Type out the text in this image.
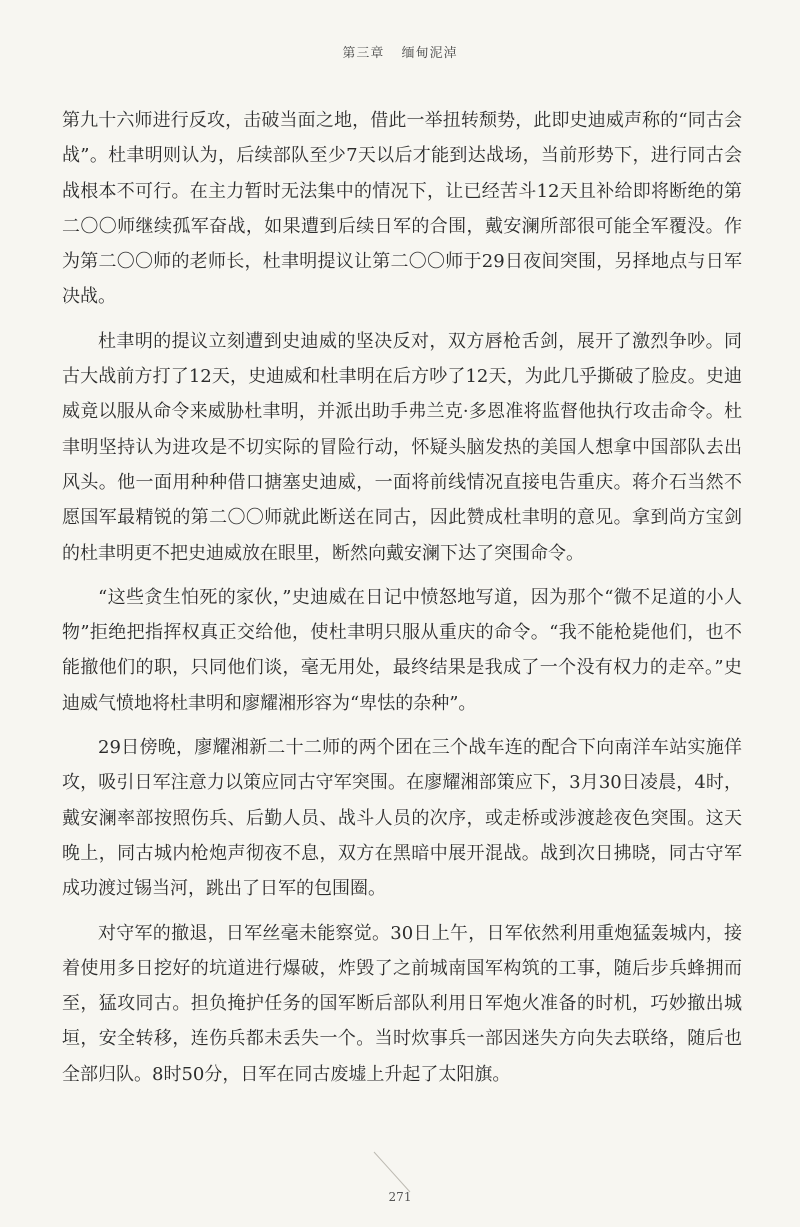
第三章 缅甸泥淖

第九十六师进行反攻，击破当面之地，借此一举扭转颓势，此即史迪威声称的“同古会战”。杜聿明则认为，后续部队至少7天以后才能到达战场，当前形势下，进行同古会战根本不可行。在主力暂时无法集中的情况下，让已经苦斗12天且补给即将断绝的第二〇〇师继续孤军奋战，如果遭到后续日军的合围，戴安澜所部很可能全军覆没。作为第二〇〇师的老师长，杜聿明提议让第二〇〇师于29日夜间突围，另择地点与日军决战。

杜聿明的提议立刻遭到史迪威的坚决反对，双方唇枪舌剑，展开了激烈争吵。同古大战前方打了12天，史迪威和杜聿明在后方吵了12天，为此几乎撕破了脸皮。史迪威竟以服从命令来威胁杜聿明，并派出助手弗兰克·多恩准将监督他执行攻击命令。杜聿明坚持认为进攻是不切实际的冒险行动，怀疑头脑发热的美国人想拿中国部队去出风头。他一面用种种借口搪塞史迪威，一面将前线情况直接电告重庆。蒋介石当然不愿国军最精锐的第二〇〇师就此断送在同古，因此赞成杜聿明的意见。拿到尚方宝剑的杜聿明更不把史迪威放在眼里，断然向戴安澜下达了突围命令。

“这些贪生怕死的家伙，”史迪威在日记中愤怒地写道，因为那个“微不足道的小人物”拒绝把指挥权真正交给他，使杜聿明只服从重庆的命令。“我不能枪毙他们，也不能撤他们的职，只同他们谈，毫无用处，最终结果是我成了一个没有权力的走卒。”史迪威气愤地将杜聿明和廖耀湘形容为“卑怯的杂种”。

29日傍晚，廖耀湘新二十二师的两个团在三个战车连的配合下向南洋车站实施佯攻，吸引日军注意力以策应同古守军突围。在廖耀湘部策应下，3月30日凌晨，4时，戴安澜率部按照伤兵、后勤人员、战斗人员的次序，或走桥或涉渡趁夜色突围。这天晚上，同古城内枪炮声彻夜不息，双方在黑暗中展开混战。战到次日拂晓，同古守军成功渡过锡当河，跳出了日军的包围圈。

对守军的撤退，日军丝毫未能察觉。30日上午，日军依然利用重炮猛轰城内，接着使用多日挖好的坑道进行爆破，炸毁了之前城南国军构筑的工事，随后步兵蜂拥而至，猛攻同古。担负掩护任务的国军断后部队利用日军炮火准备的时机，巧妙撤出城垣，安全转移，连伤兵都未丢失一个。当时炊事兵一部因迷失方向失去联络，随后也全部归队。8时50分，日军在同古废墟上升起了太阳旗。

271
